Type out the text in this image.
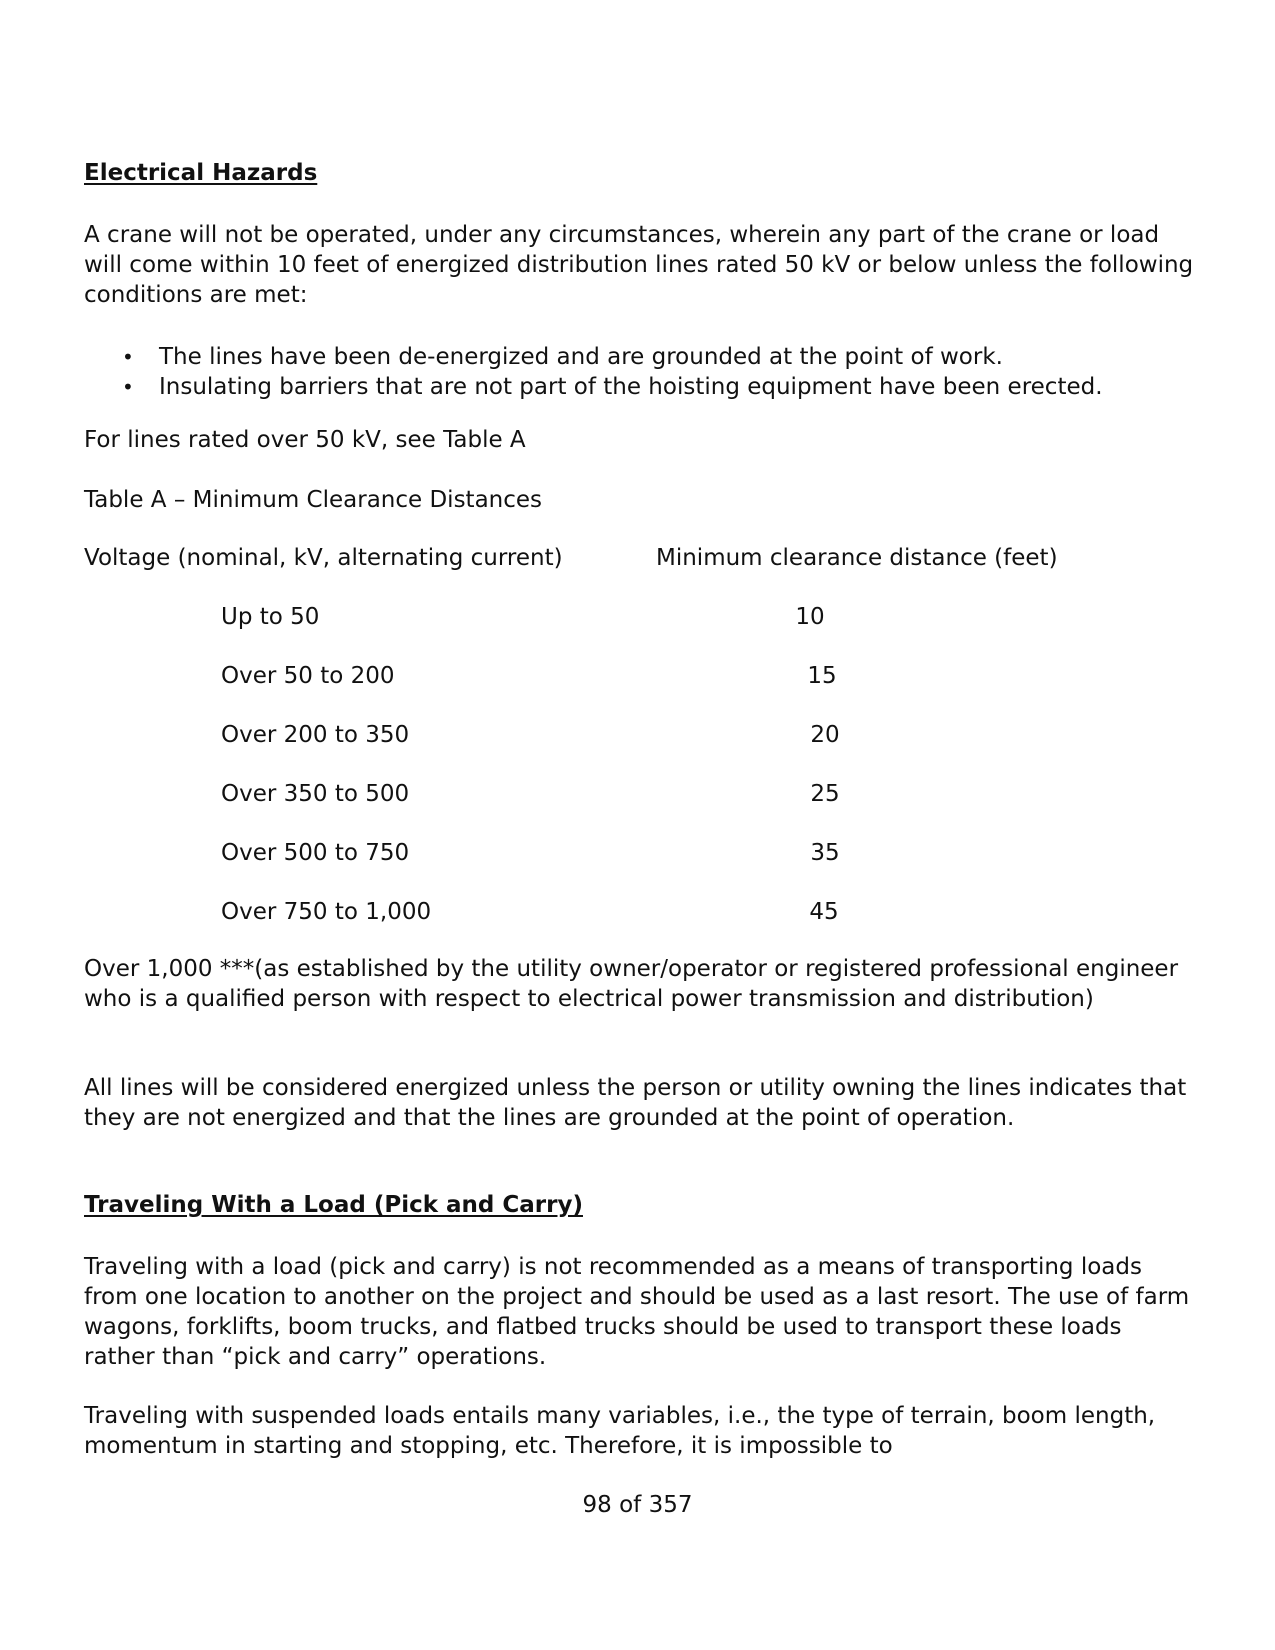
Electrical Hazards
A crane will not be operated, under any circumstances, wherein any part of the crane or load will come within 10 feet of energized distribution lines rated 50 kV or below unless the following conditions are met:
• The lines have been de-energized and are grounded at the point of work.
• Insulating barriers that are not part of the hoisting equipment have been erected.
For lines rated over 50 kV, see Table A
Table A – Minimum Clearance Distances
Voltage (nominal, kV, alternating current)	Minimum clearance distance (feet)
Up to 50	10
Over 50 to 200	15
Over 200 to 350	20
Over 350 to 500	25
Over 500 to 750	35
Over 750 to 1,000	45
Over 1,000 ***(as established by the utility owner/operator or registered professional engineer who is a qualified person with respect to electrical power transmission and distribution)
All lines will be considered energized unless the person or utility owning the lines indicates that they are not energized and that the lines are grounded at the point of operation.
Traveling With a Load (Pick and Carry)
Traveling with a load (pick and carry) is not recommended as a means of transporting loads from one location to another on the project and should be used as a last resort. The use of farm wagons, forklifts, boom trucks, and flatbed trucks should be used to transport these loads rather than “pick and carry” operations.
Traveling with suspended loads entails many variables, i.e., the type of terrain, boom length, momentum in starting and stopping, etc. Therefore, it is impossible to
98 of 357
